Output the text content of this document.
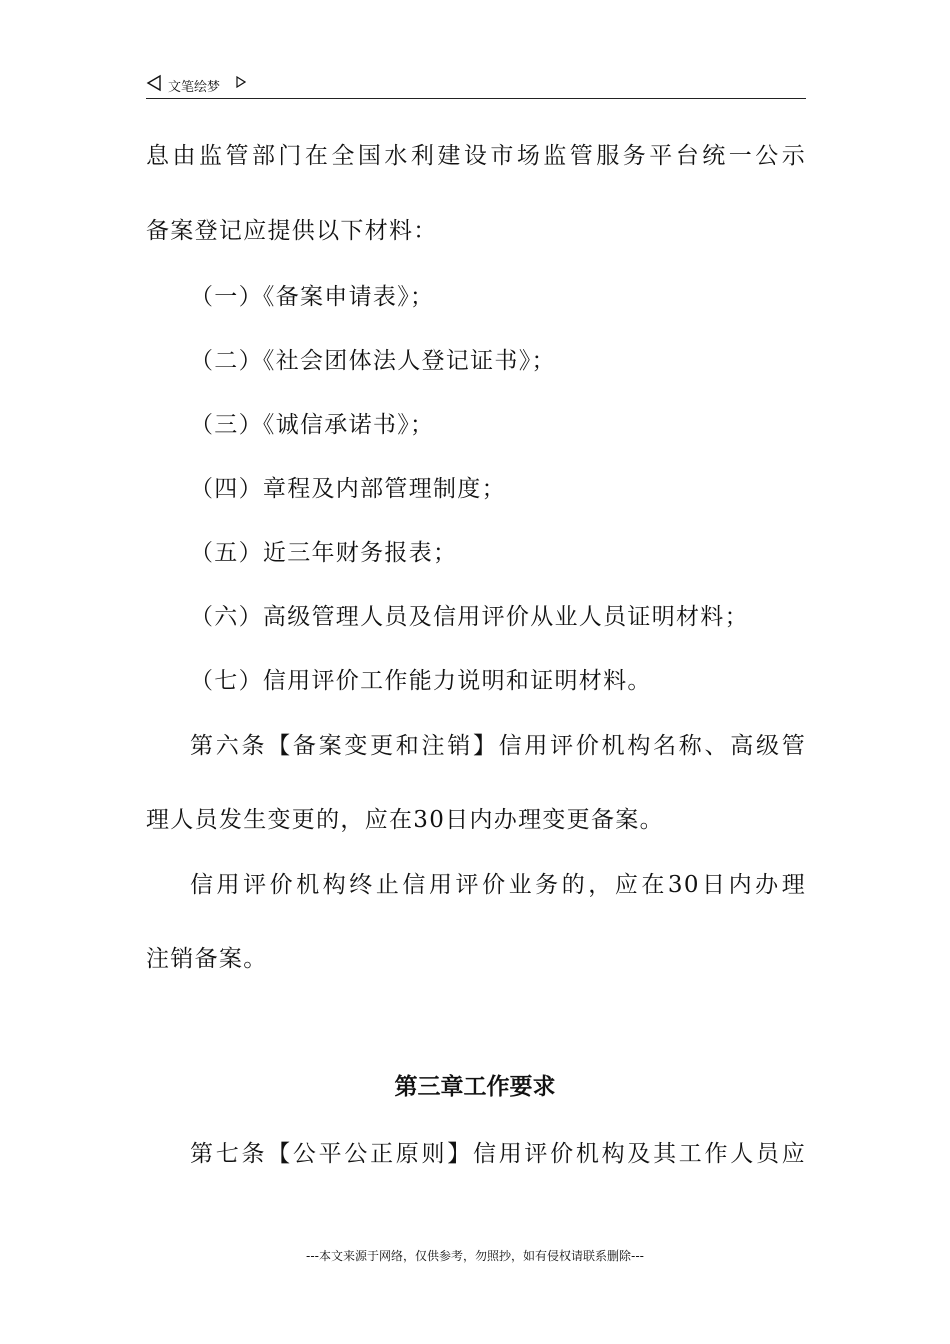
文笔绘梦
息由监管部门在全国水利建设市场监管服务平台统一公示
备案登记应提供以下材料：
（一）《备案申请表》；
（二）《社会团体法人登记证书》；
（三）《诚信承诺书》；
（四）章程及内部管理制度；
（五）近三年财务报表；
（六）高级管理人员及信用评价从业人员证明材料；
（七）信用评价工作能力说明和证明材料。
第六条【备案变更和注销】信用评价机构名称、高级管
理人员发生变更的，应在30日内办理变更备案。
信用评价机构终止信用评价业务的，应在30日内办理
注销备案。
第三章工作要求
第七条【公平公正原则】信用评价机构及其工作人员应
---本文来源于网络，仅供参考，勿照抄，如有侵权请联系删除---
